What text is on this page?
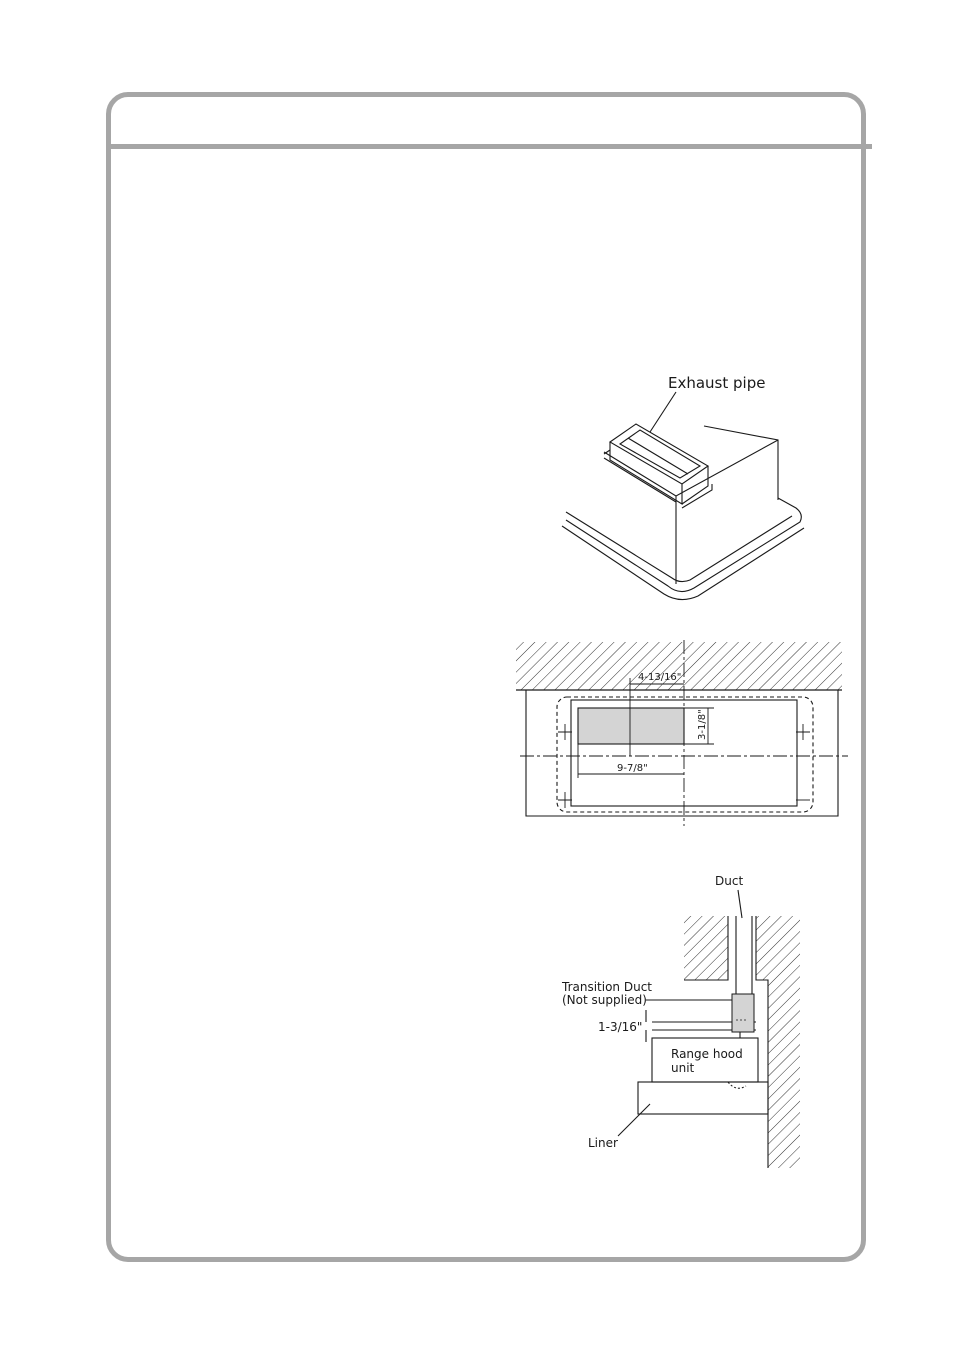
Exhaust pipe
4-13/16"
3-1/8"
9-7/8"
Duct
Transition Duct
(Not supplied)
1-3/16"
Range hood
unit
Liner
